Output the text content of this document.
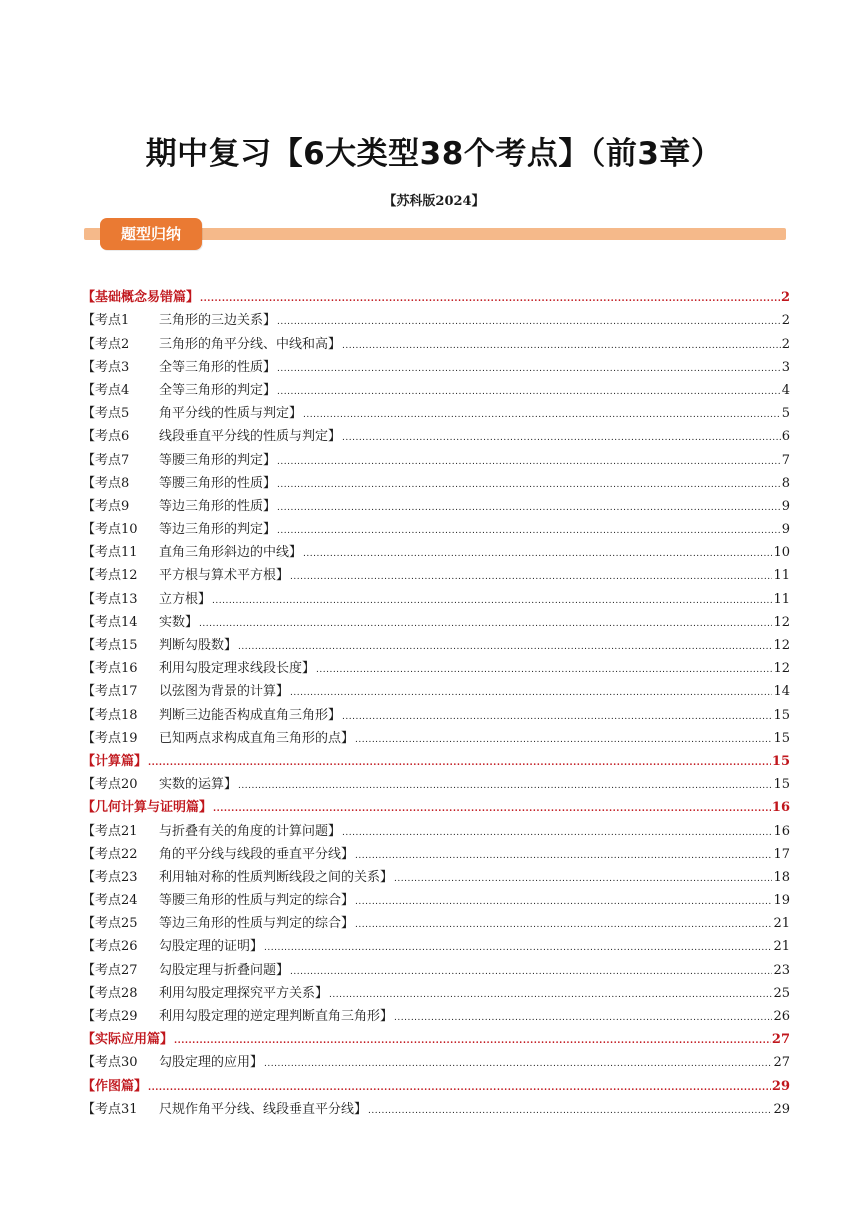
期中复习【6大类型38个考点】（前3章）
【苏科版2024】
题型归纳
【基础概念易错篇】 .....	2
【考点1	三角形的三边关系】 .....	2
【考点2	三角形的角平分线、中线和高】 .....	2
【考点3	全等三角形的性质】 .....	3
【考点4	全等三角形的判定】 .....	4
【考点5	角平分线的性质与判定】 .....	5
【考点6	线段垂直平分线的性质与判定】 .....	6
【考点7	等腰三角形的判定】 .....	7
【考点8	等腰三角形的性质】 .....	8
【考点9	等边三角形的性质】 .....	9
【考点10	等边三角形的判定】 .....	9
【考点11	直角三角形斜边的中线】 .....	10
【考点12	平方根与算术平方根】 .....	11
【考点13	立方根】 .....	11
【考点14	实数】 .....	12
【考点15	判断勾股数】 .....	12
【考点16	利用勾股定理求线段长度】 .....	12
【考点17	以弦图为背景的计算】 .....	14
【考点18	判断三边能否构成直角三角形】 .....	15
【考点19	已知两点求构成直角三角形的点】 .....	15
【计算篇】 .....	15
【考点20	实数的运算】 .....	15
【几何计算与证明篇】 .....	16
【考点21	与折叠有关的角度的计算问题】 .....	16
【考点22	角的平分线与线段的垂直平分线】 .....	17
【考点23	利用轴对称的性质判断线段之间的关系】 .....	18
【考点24	等腰三角形的性质与判定的综合】 .....	19
【考点25	等边三角形的性质与判定的综合】 .....	21
【考点26	勾股定理的证明】 .....	21
【考点27	勾股定理与折叠问题】 .....	23
【考点28	利用勾股定理探究平方关系】 .....	25
【考点29	利用勾股定理的逆定理判断直角三角形】 .....	26
【实际应用篇】 .....	27
【考点30	勾股定理的应用】 .....	27
【作图篇】 .....	29
【考点31	尺规作角平分线、线段垂直平分线】 .....	29
